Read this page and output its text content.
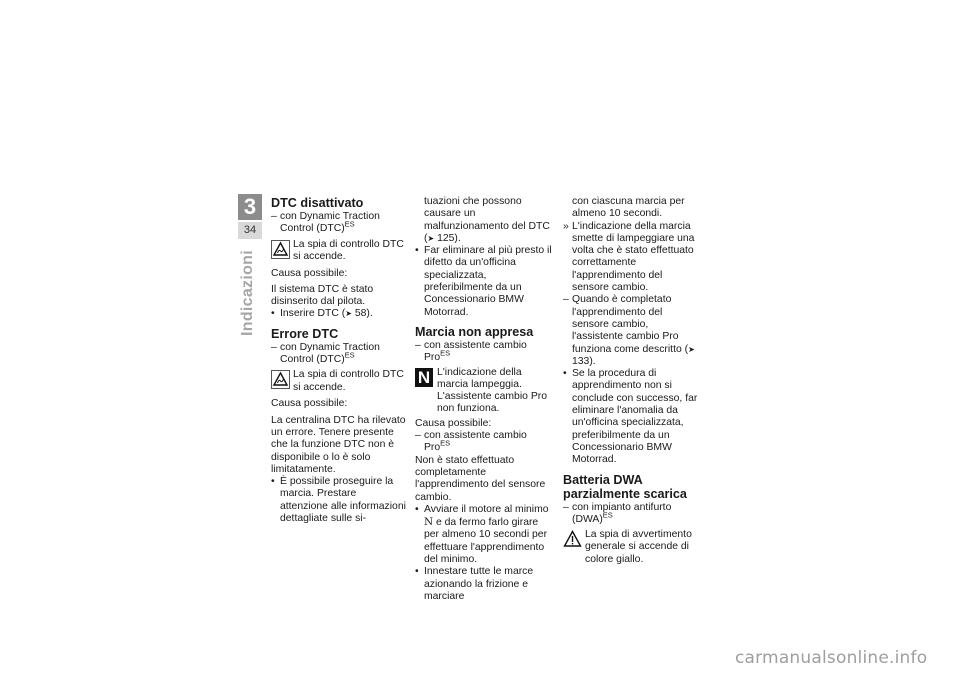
3
34
Indicazioni
DTC disattivato
– con Dynamic Traction Control (DTC)$^{ES}$
La spia di controllo DTC si accende.

Causa possibile:

Il sistema DTC è stato disinserito dal pilota.

• Inserire DTC (➤ 58).
Errore DTC
– con Dynamic Traction Control (DTC)$^{ES}$
La spia di controllo DTC si accende.

Causa possibile:

La centralina DTC ha rilevato un errore. Tenere presente che la funzione DTC non è disponibile o lo è solo limitatamente.

• È possibile proseguire la marcia. Prestare attenzione alle informazioni dettagliate sulle si-
tuazioni che possono causare un malfunzionamento del DTC (➤ 125).
• Far eliminare al più presto il difetto da un'officina specializzata, preferibilmente da un Concessionario BMW Motorrad.
Marcia non appresa
– con assistente cambio Pro$^{ES}$
N L'indicazione della marcia lampeggia. L'assistente cambio Pro non funziona.

Causa possibile:

– con assistente cambio Pro$^{ES}$

Non è stato effettuato completamente l'apprendimento del sensore cambio.

• Avviare il motore al minimo N e da fermo farlo girare per almeno 10 secondi per effettuare l'apprendimento del minimo.
• Innestare tutte le marce azionando la frizione e marciare
con ciascuna marcia per almeno 10 secondi.
» L'indicazione della marcia smette di lampeggiare una volta che è stato effettuato correttamente l'apprendimento del sensore cambio.
– Quando è completato l'apprendimento del sensore cambio, l'assistente cambio Pro funziona come descritto (➤ 133).
• Se la procedura di apprendimento non si conclude con successo, far eliminare l'anomalia da un'officina specializzata, preferibilmente da un Concessionario BMW Motorrad.
Batteria DWA parzialmente scarica
– con impianto antifurto (DWA)$^{ES}$
La spia di avvertimento generale si accende di colore giallo.
carmanualsonline.info
